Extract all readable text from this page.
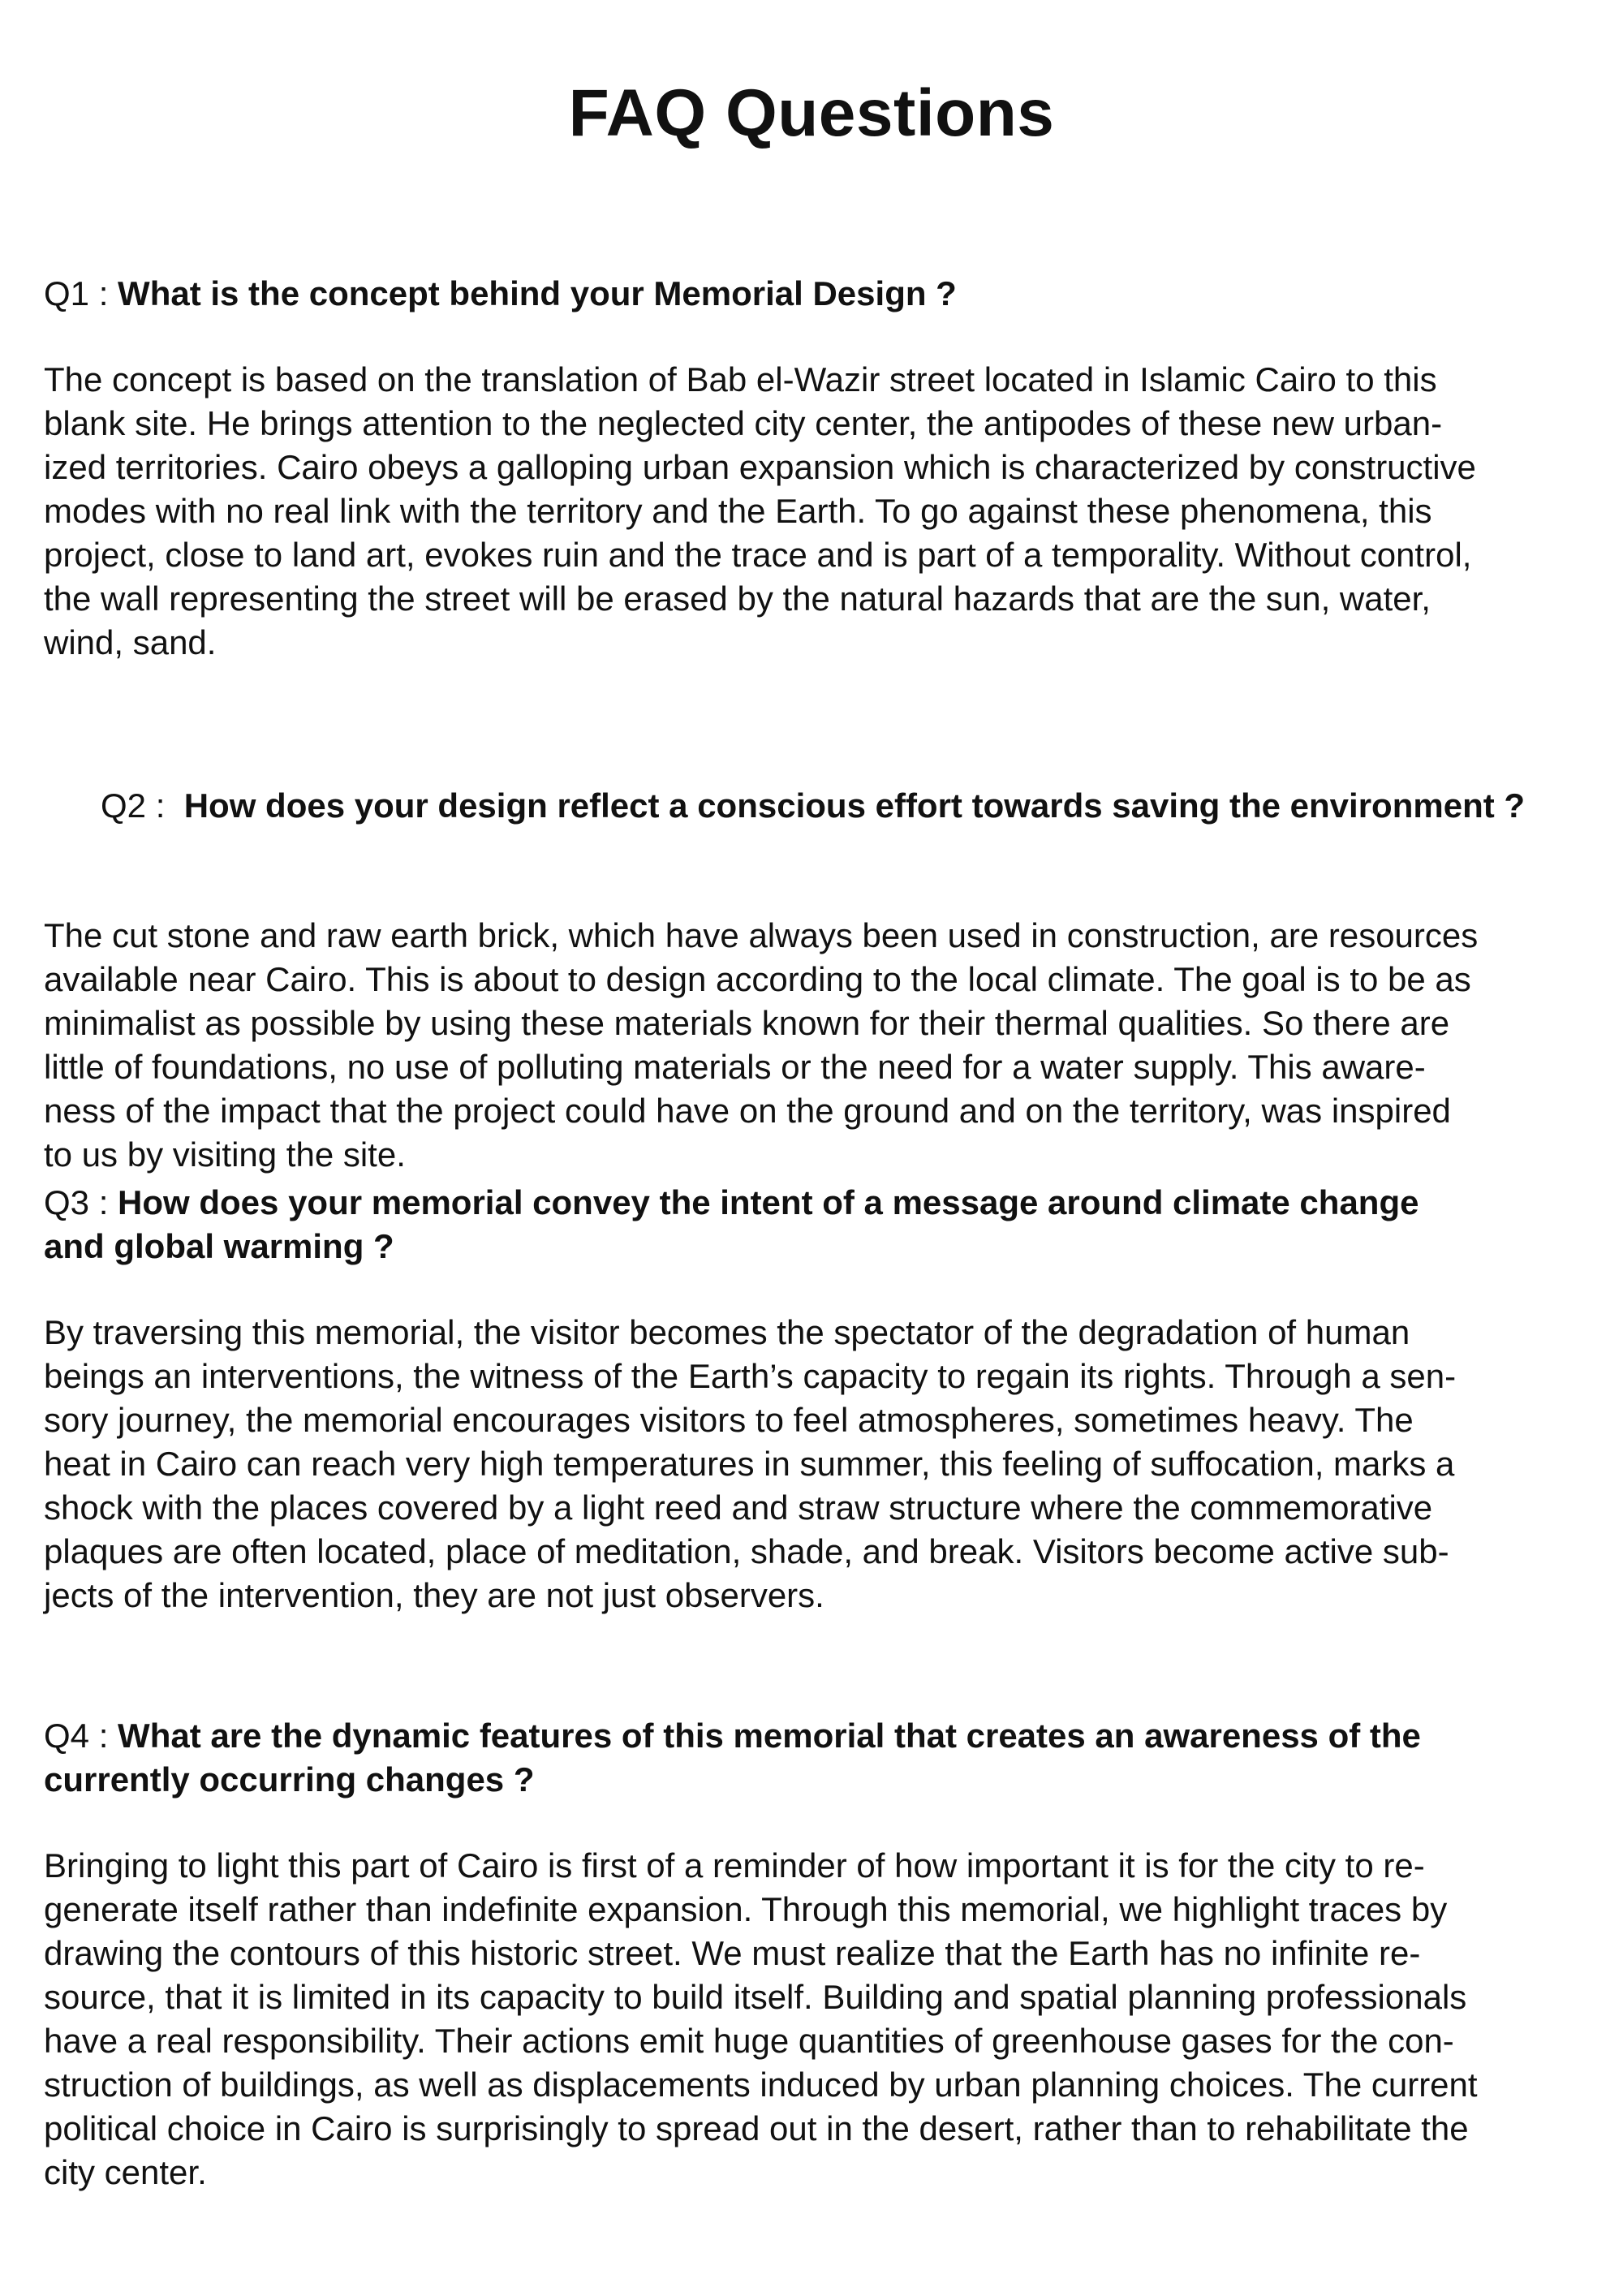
FAQ Questions

Q1 : What is the concept behind your Memorial Design ?

The concept is based on the translation of Bab el-Wazir street located in Islamic Cairo to this
blank site. He brings attention to the neglected city center, the antipodes of these new urban-
ized territories. Cairo obeys a galloping urban expansion which is characterized by constructive
modes with no real link with the territory and the Earth. To go against these phenomena, this
project, close to land art, evokes ruin and the trace and is part of a temporality. Without control,
the wall representing the street will be erased by the natural hazards that are the sun, water,
wind, sand.

Q2 :  How does your design reflect a conscious effort towards saving the environment ?

The cut stone and raw earth brick, which have always been used in construction, are resources
available near Cairo. This is about to design according to the local climate. The goal is to be as
minimalist as possible by using these materials known for their thermal qualities. So there are
little of foundations, no use of polluting materials or the need for a water supply. This aware-
ness of the impact that the project could have on the ground and on the territory, was inspired
to us by visiting the site.

Q3 : How does your memorial convey the intent of a message around climate change
and global warming ?

By traversing this memorial, the visitor becomes the spectator of the degradation of human
beings an interventions, the witness of the Earth’s capacity to regain its rights. Through a sen-
sory journey, the memorial encourages visitors to feel atmospheres, sometimes heavy. The
heat in Cairo can reach very high temperatures in summer, this feeling of suffocation, marks a
shock with the places covered by a light reed and straw structure where the commemorative
plaques are often located, place of meditation, shade, and break. Visitors become active sub-
jects of the intervention, they are not just observers.

Q4 : What are the dynamic features of this memorial that creates an awareness of the
currently occurring changes ?

Bringing to light this part of Cairo is first of a reminder of how important it is for the city to re-
generate itself rather than indefinite expansion. Through this memorial, we highlight traces by
drawing the contours of this historic street. We must realize that the Earth has no infinite re-
source, that it is limited in its capacity to build itself. Building and spatial planning professionals
have a real responsibility. Their actions emit huge quantities of greenhouse gases for the con-
struction of buildings, as well as displacements induced by urban planning choices. The current
political choice in Cairo is surprisingly to spread out in the desert, rather than to rehabilitate the
city center.
